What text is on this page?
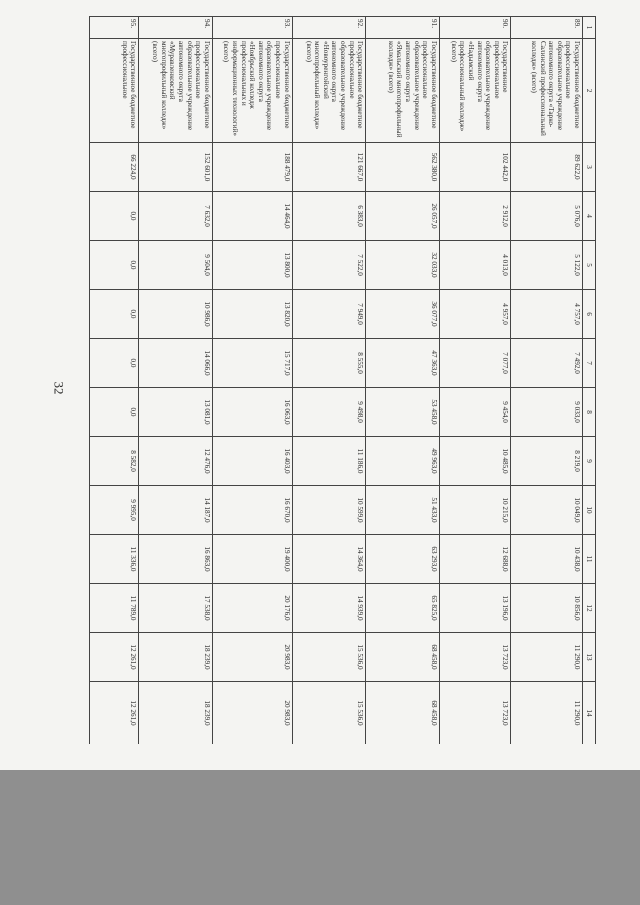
32
1	2	3	4	5	6	7	8	9	10	11	12	13	14
89.	Государственное бюджетное профессиональное образовательное учреждение автономного округа «Тарко-Салинский профессиональный колледж» (всего)	89 622,0	5 076,0	5 122,0	4 757,0	7 492,0	9 033,0	8 219,0	10 049,0	10 438,0	10 856,0	11 290,0	11 290,0
90.	Государственное профессиональное образовательное учреждение автономного округа «Надымский профессиональный колледж» (всего)	102 442,0	2 912,0	4 013,0	4 957,0	7 077,0	9 454,0	10 485,0	10 215,0	12 688,0	13 196,0	13 723,0	13 723,0
91.	Государственное бюджетное профессиональное образовательное учреждение автономного округа «Ямальский многопрофильный колледж» (всего)	562 380,0	26 057,0	32 033,0	36 077,0	47 363,0	53 458,0	49 963,0	51 433,0	63 293,0	65 825,0	68 458,0	68 458,0
92.	Государственное бюджетное профессиональное образовательное учреждение автономного округа «Новоуренгойский многопрофильный колледж» (всего)	121 667,0	6 383,0	7 522,0	7 949,0	8 555,0	9 498,0	11 186,0	10 599,0	14 364,0	14 939,0	15 536,0	15 536,0
93.	Государственное бюджетное профессиональное образовательное учреждение автономного округа «Ноябрьский колледж профессиональных и информационных технологий» (всего)	188 479,0	14 464,0	13 800,0	13 820,0	15 717,0	16 063,0	16 403,0	16 670,0	19 400,0	20 176,0	20 983,0	20 983,0
94.	Государственное бюджетное профессиональное образовательное учреждение автономного округа «Муравленковский многопрофильный колледж» (всего)	152 601,0	7 632,0	9 504,0	10 986,0	14 066,0	13 081,0	12 476,0	14 187,0	16 863,0	17 538,0	18 239,0	18 239,0
95.	Государственное бюджетное профессиональное	66 224,0	0,0	0,0	0,0	0,0	0,0	8 582,0	9 995,0	11 336,0	11 789,0	12 261,0	12 261,0
